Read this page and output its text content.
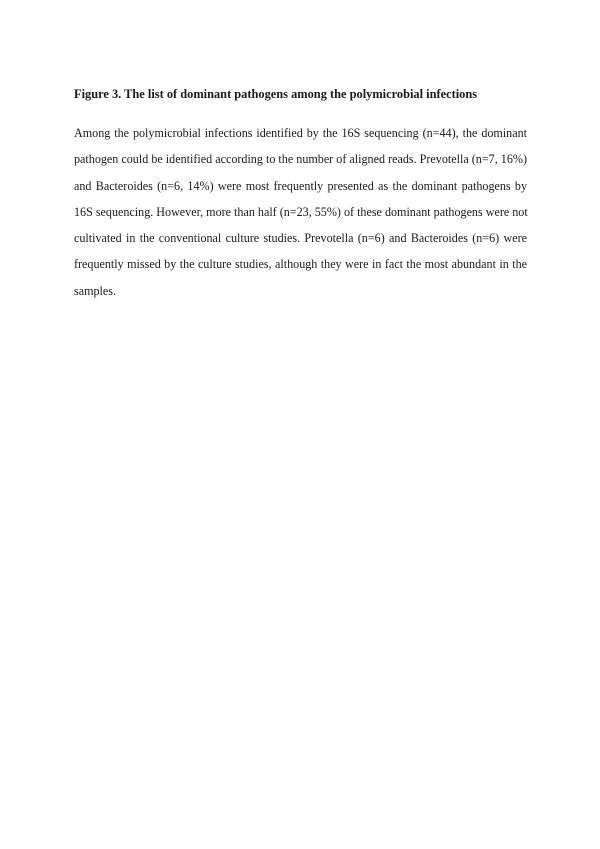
Figure 3. The list of dominant pathogens among the polymicrobial infections
Among the polymicrobial infections identified by the 16S sequencing (n=44), the dominant
pathogen could be identified according to the number of aligned reads. Prevotella (n=7, 16%)
and Bacteroides (n=6, 14%) were most frequently presented as the dominant pathogens by
16S sequencing. However, more than half (n=23, 55%) of these dominant pathogens were not
cultivated in the conventional culture studies. Prevotella (n=6) and Bacteroides (n=6) were
frequently missed by the culture studies, although they were in fact the most abundant in the
samples.
